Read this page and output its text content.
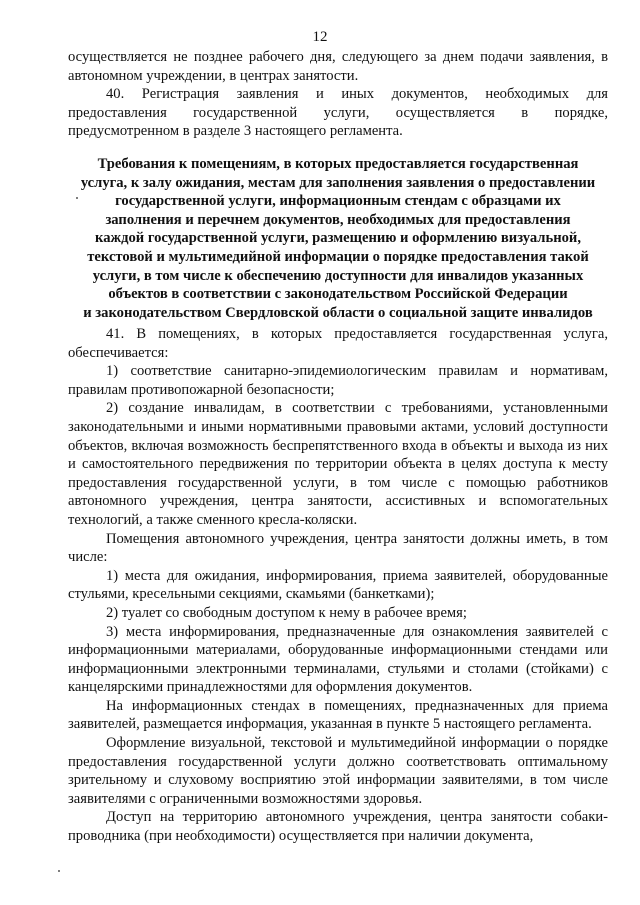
12

осуществляется не позднее рабочего дня, следующего за днем подачи заявления, в автономном учреждении, в центрах занятости.

40. Регистрация заявления и иных документов, необходимых для предоставления государственной услуги, осуществляется в порядке, предусмотренном в разделе 3 настоящего регламента.

Требования к помещениям, в которых предоставляется государственная
услуга, к залу ожидания, местам для заполнения заявления о предоставлении
государственной услуги, информационным стендам с образцами их
заполнения и перечнем документов, необходимых для предоставления
каждой государственной услуги, размещению и оформлению визуальной,
текстовой и мультимедийной информации о порядке предоставления такой
услуги, в том числе к обеспечению доступности для инвалидов указанных
объектов в соответствии с законодательством Российской Федерации
и законодательством Свердловской области о социальной защите инвалидов

41. В помещениях, в которых предоставляется государственная услуга, обеспечивается:

1) соответствие санитарно-эпидемиологическим правилам и нормативам, правилам противопожарной безопасности;

2) создание инвалидам, в соответствии с требованиями, установленными законодательными и иными нормативными правовыми актами, условий доступности объектов, включая возможность беспрепятственного входа в объекты и выхода из них и самостоятельного передвижения по территории объекта в целях доступа к месту предоставления государственной услуги, в том числе с помощью работников автономного учреждения, центра занятости, ассистивных и вспомогательных технологий, а также сменного кресла-коляски.

Помещения автономного учреждения, центра занятости должны иметь, в том числе:

1) места для ожидания, информирования, приема заявителей, оборудованные стульями, кресельными секциями, скамьями (банкетками);

2) туалет со свободным доступом к нему в рабочее время;

3) места информирования, предназначенные для ознакомления заявителей с информационными материалами, оборудованные информационными стендами или информационными электронными терминалами, стульями и столами (стойками) с канцелярскими принадлежностями для оформления документов.

На информационных стендах в помещениях, предназначенных для приема заявителей, размещается информация, указанная в пункте 5 настоящего регламента.

Оформление визуальной, текстовой и мультимедийной информации о порядке предоставления государственной услуги должно соответствовать оптимальному зрительному и слуховому восприятию этой информации заявителями, в том числе заявителями с ограниченными возможностями здоровья.

Доступ на территорию автономного учреждения, центра занятости собаки-проводника (при необходимости) осуществляется при наличии документа,
